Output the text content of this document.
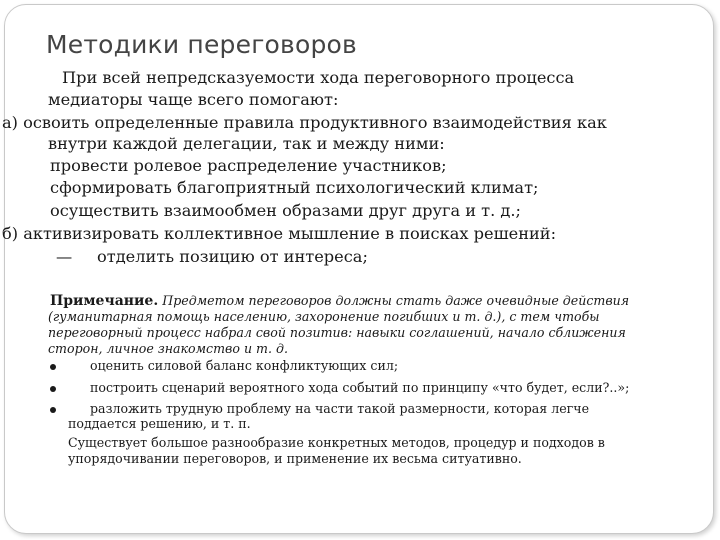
Методики переговоров
При всей непредсказуемости хода переговорного процесса
медиаторы чаще всего помогают:
а) освоить определенные правила продуктивного взаимодействия как
внутри каждой делегации, так и между ними:
провести ролевое распределение участников;
сформировать благоприятный психологический климат;
осуществить взаимообмен образами друг друга и т. д.;
б) активизировать коллективное мышление в поисках решений:
— отделить позицию от интереса;
Примечание. Предметом переговоров должны стать даже очевидные действия
(гуманитарная помощь населению, захоронение погибших и т. д.), с тем чтобы
переговорный процесс набрал свой позитив: навыки соглашений, начало сближения
сторон, личное знакомство и т. д.
оценить силовой баланс конфликтующих сил;
построить сценарий вероятного хода событий по принципу «что будет, если?..»;
разложить трудную проблему на части такой размерности, которая легче
поддается решению, и т. п.
Существует большое разнообразие конкретных методов, процедур и подходов в
упорядочивании переговоров, и применение их весьма ситуативно.
